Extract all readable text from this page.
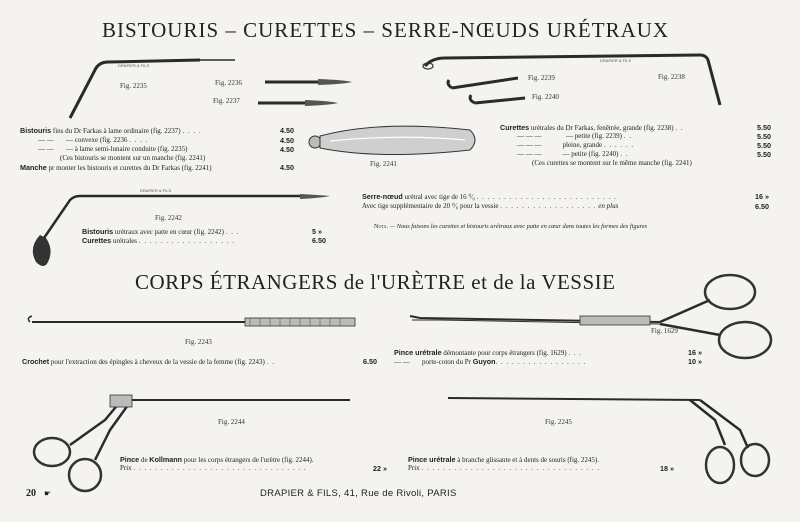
DRAPIER & FILS
DRAPIER & FILS
DRAPIER & FILS
BISTOURIS – CURETTES – SERRE-NŒUDS URÉTRAUX
CORPS ÉTRANGERS de l'URÈTRE et de la VESSIE
Fig. 2235	Fig. 2236
Fig. 2237
Fig. 2238
Fig. 2239
Fig. 2240
Fig. 2241
Fig. 2242
Fig. 2243
Fig. 1629
Fig. 2244	Fig. 2245
Bistouris fins du Dr Farkas à lame ordinaire (fig. 2237) . . . .	4.50
— — — convexe (fig. 2236 . . . .	4.50
— — — à lame semi-lunaire conduite (fig. 2235)	4.50
(Ces bistouris se montent sur un manche (fig. 2241)
Manche pr monter les bistouris et curettes du Dr Farkas (fig. 2241)	4.50
Curettes urétrales du Dr Farkas, fenêtrée, grande (fig. 2238) . .	5.50
— — —	— petite (fig. 2239) . .	5.50
— — —	pleine, grande . . . . . .	5.50
— — —	— petite (fig. 2240) . .	5.50
(Ces curettes se montent sur le même manche (fig. 2241)
Serre-nœud urétral avec tige de 16 ⁰⁄₀ . . . . . . . . . . . . . . . . . . . . . . . . . .	16 »
Avec tige supplémentaire de 20 ⁰⁄₀ pour la vessie . . . . . . . . . . . . . . . . . . en plus	6.50
Nota. — Nous faisons les curettes et bistouris urétraux avec patte en cœur dans toutes les formes des figures
Bistouris urétraux avec patte en cœur (fig. 2242) . . .	5 »
Curettes urétrales . . . . . . . . . . . . . . . . . .	6.50
Crochet pour l'extraction des épingles à cheveux de la vessie de la femme (fig. 2243) . .	6.50
Pince urétrale démontante pour corps étrangers (fig. 1629) . . .	16 »
— — porte-coton du Pr Guyon. . . . . . . . . . . . . . . . .	10 »
Pince de Kollmann pour les corps étrangers de l'urètre (fig. 2244).
Prix . . . . . . . . . . . . . . . . . . . . . . . . . . . . . . . .	22 »
Pince urétrale à branche glissante et à dents de souris (fig. 2245).
Prix . . . . . . . . . . . . . . . . . . . . . . . . . . . . . . . . .	18 »
20 ☛	DRAPIER & FILS, 41, Rue de Rivoli, PARIS
